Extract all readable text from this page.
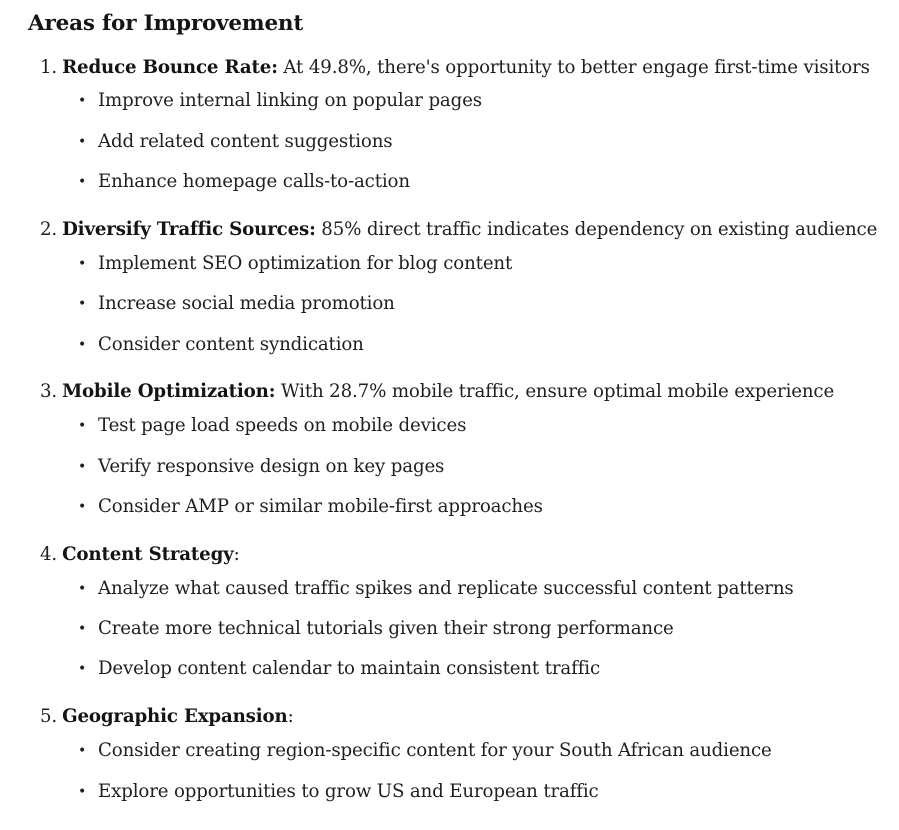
Areas for Improvement
1. Reduce Bounce Rate: At 49.8%, there's opportunity to better engage first-time visitors
• Improve internal linking on popular pages
• Add related content suggestions
• Enhance homepage calls-to-action
2. Diversify Traffic Sources: 85% direct traffic indicates dependency on existing audience
• Implement SEO optimization for blog content
• Increase social media promotion
• Consider content syndication
3. Mobile Optimization: With 28.7% mobile traffic, ensure optimal mobile experience
• Test page load speeds on mobile devices
• Verify responsive design on key pages
• Consider AMP or similar mobile-first approaches
4. Content Strategy:
• Analyze what caused traffic spikes and replicate successful content patterns
• Create more technical tutorials given their strong performance
• Develop content calendar to maintain consistent traffic
5. Geographic Expansion:
• Consider creating region-specific content for your South African audience
• Explore opportunities to grow US and European traffic
